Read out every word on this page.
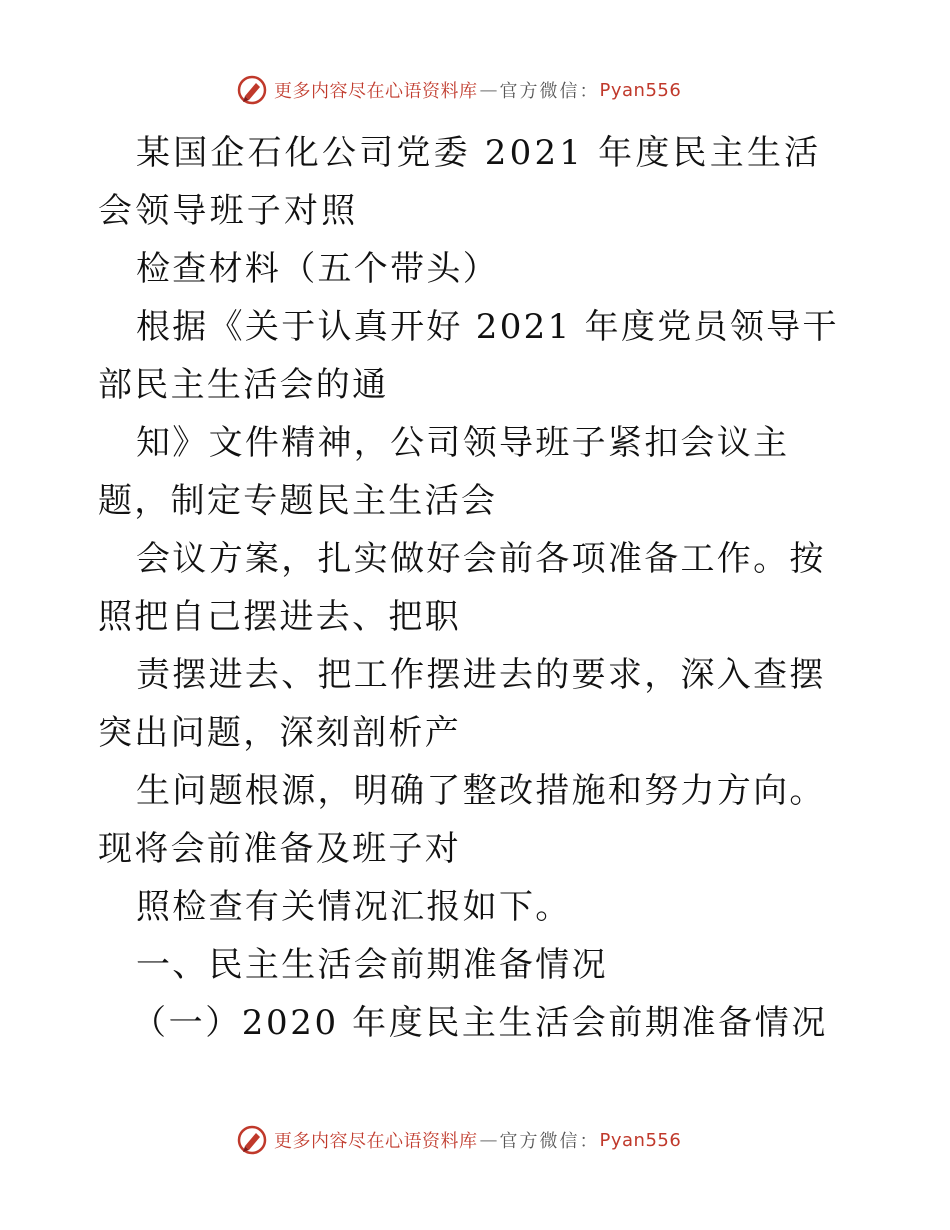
更多内容尽在心语资料库 — 官方微信： Pyan556

某国企石化公司党委 2021 年度民主生活会领导班子对照

检查材料（五个带头）

根据《关于认真开好 2021 年度党员领导干部民主生活会的通

知》文件精神，公司领导班子紧扣会议主题，制定专题民主生活会

会议方案，扎实做好会前各项准备工作。按照把自己摆进去、把职

责摆进去、把工作摆进去的要求，深入查摆突出问题，深刻剖析产

生问题根源，明确了整改措施和努力方向。现将会前准备及班子对

照检查有关情况汇报如下。

一、民主生活会前期准备情况

（一）2020 年度民主生活会前期准备情况

更多内容尽在心语资料库 — 官方微信： Pyan556
